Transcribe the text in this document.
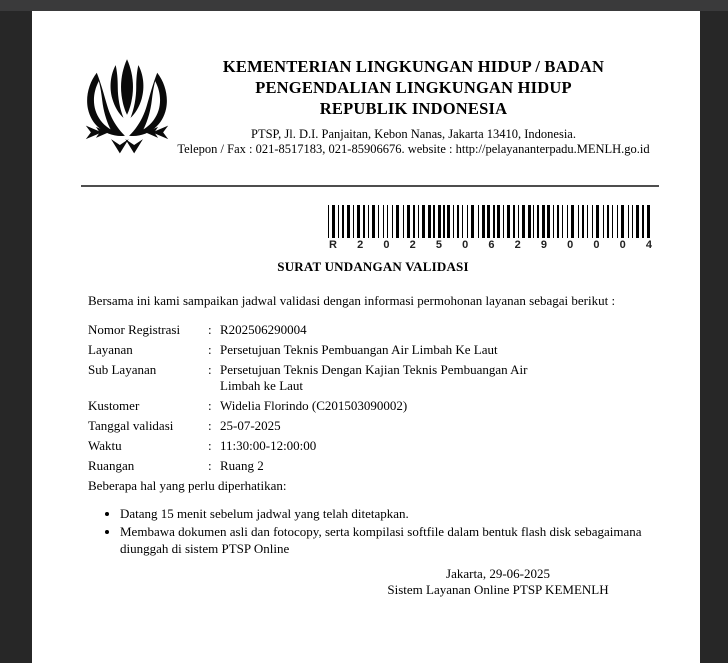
KEMENTERIAN LINGKUNGAN HIDUP / BADAN
PENGENDALIAN LINGKUNGAN HIDUP
REPUBLIK INDONESIA
PTSP, Jl. D.I. Panjaitan, Kebon Nanas, Jakarta 13410, Indonesia.
Telepon / Fax : 021-8517183, 021-85906676. website : http://pelayananterpadu.MENLH.go.id
R 2 0 2 5 0 6 2 9 0 0 0 4
SURAT UNDANGAN VALIDASI

Bersama ini kami sampaikan jadwal validasi dengan informasi permohonan layanan sebagai berikut :

Nomor Registrasi	:	R202506290004
Layanan	:	Persetujuan Teknis Pembuangan Air Limbah Ke Laut
Sub Layanan	:	Persetujuan Teknis Dengan Kajian Teknis Pembuangan Air Limbah ke Laut
Kustomer	:	Widelia Florindo (C201503090002)
Tanggal validasi	:	25-07-2025
Waktu	:	11:30:00-12:00:00
Ruangan	:	Ruang 2
Beberapa hal yang perlu diperhatikan:
• Datang 15 menit sebelum jadwal yang telah ditetapkan.
• Membawa dokumen asli dan fotocopy, serta kompilasi softfile dalam bentuk flash disk sebagaimana diunggah di sistem PTSP Online
Jakarta, 29-06-2025
Sistem Layanan Online PTSP KEMENLH
